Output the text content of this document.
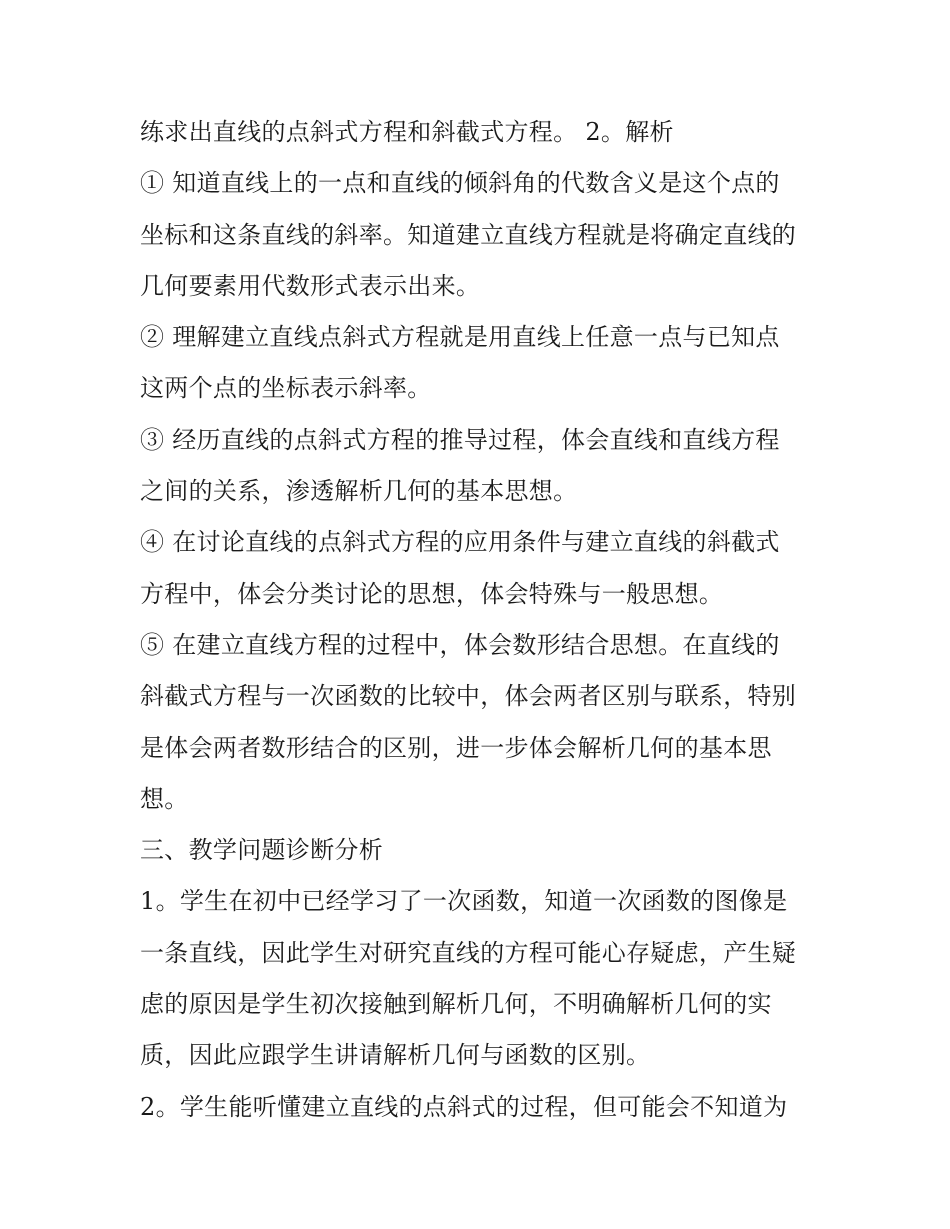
练求出直线的点斜式方程和斜截式方程。 2。解析
① 知道直线上的一点和直线的倾斜角的代数含义是这个点的
坐标和这条直线的斜率。知道建立直线方程就是将确定直线的
几何要素用代数形式表示出来。
② 理解建立直线点斜式方程就是用直线上任意一点与已知点
这两个点的坐标表示斜率。
③ 经历直线的点斜式方程的推导过程，体会直线和直线方程
之间的关系，渗透解析几何的基本思想。
④ 在讨论直线的点斜式方程的应用条件与建立直线的斜截式
方程中，体会分类讨论的思想，体会特殊与一般思想。
⑤ 在建立直线方程的过程中，体会数形结合思想。在直线的
斜截式方程与一次函数的比较中，体会两者区别与联系，特别
是体会两者数形结合的区别，进一步体会解析几何的基本思
想。
三、教学问题诊断分析
1。学生在初中已经学习了一次函数，知道一次函数的图像是
一条直线，因此学生对研究直线的方程可能心存疑虑，产生疑
虑的原因是学生初次接触到解析几何，不明确解析几何的实
质，因此应跟学生讲请解析几何与函数的区别。
2。学生能听懂建立直线的点斜式的过程，但可能会不知道为
